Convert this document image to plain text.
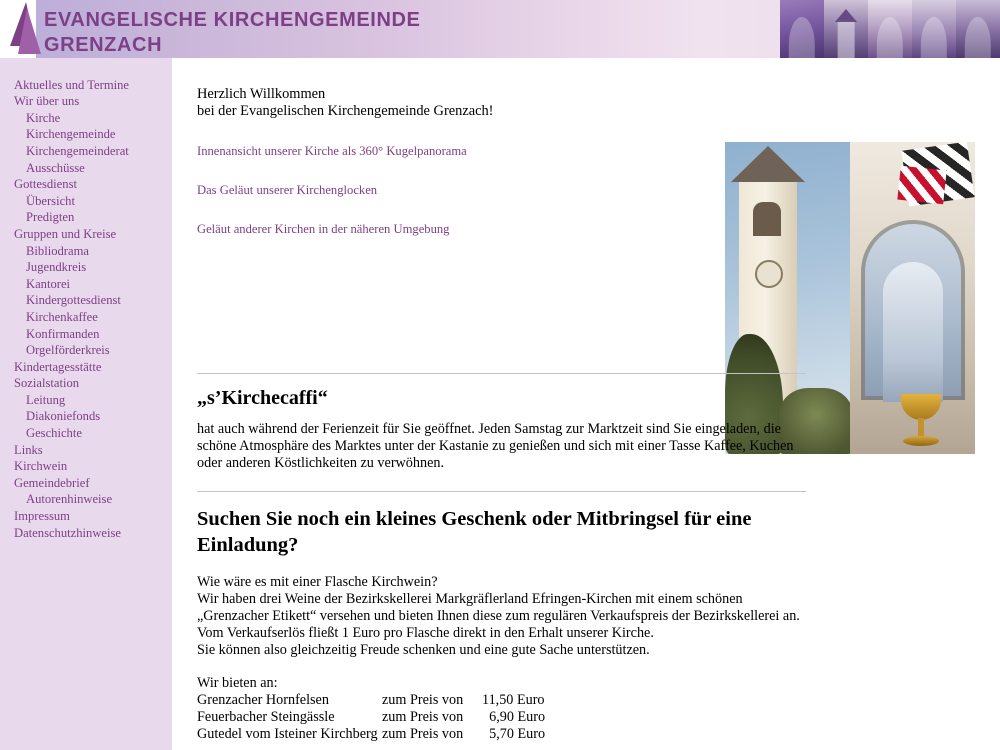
EVANGELISCHE KIRCHENGEMEINDE
GRENZACH
Aktuelles und Termine
Wir über uns
Kirche
Kirchengemeinde
Kirchengemeinderat
Ausschüsse
Gottesdienst
Übersicht
Predigten
Gruppen und Kreise
Bibliodrama
Jugendkreis
Kantorei
Kindergottesdienst
Kirchenkaffee
Konfirmanden
Orgelförderkreis
Kindertagesstätte
Sozialstation
Leitung
Diakoniefonds
Geschichte
Links
Kirchwein
Gemeindebrief
Autorenhinweise
Impressum
Datenschutzhinweise

Herzlich Willkommen
bei der Evangelischen Kirchengemeinde Grenzach!

Innenansicht unserer Kirche als 360° Kugelpanorama
Das Geläut unserer Kirchenglocken
Geläut anderer Kirchen in der näheren Umgebung
„s’Kirchecaffi“

hat auch während der Ferienzeit für Sie geöffnet. Jeden Samstag zur Marktzeit sind Sie eingeladen, die schöne Atmosphäre des Marktes unter der Kastanie zu genießen und sich mit einer Tasse Kaffee, Kuchen oder anderen Köstlichkeiten zu verwöhnen.

Suchen Sie noch ein kleines Geschenk oder Mitbringsel für eine Einladung?

Wie wäre es mit einer Flasche Kirchwein?
Wir haben drei Weine der Bezirkskellerei Markgräflerland Efringen-Kirchen mit einem schönen „Grenzacher Etikett“ versehen und bieten Ihnen diese zum regulären Verkaufspreis der Bezirkskellerei an. Vom Verkaufserlös fließt 1 Euro pro Flasche direkt in den Erhalt unserer Kirche.
Sie können also gleichzeitig Freude schenken und eine gute Sache unterstützen.

Wir bieten an:

Grenzacher Hornfelsen	zum Preis von 11,50 Euro
Feuerbacher Steingässle	zum Preis von  6,90 Euro
Gutedel vom Isteiner Kirchberg zum Preis von  5,70 Euro
